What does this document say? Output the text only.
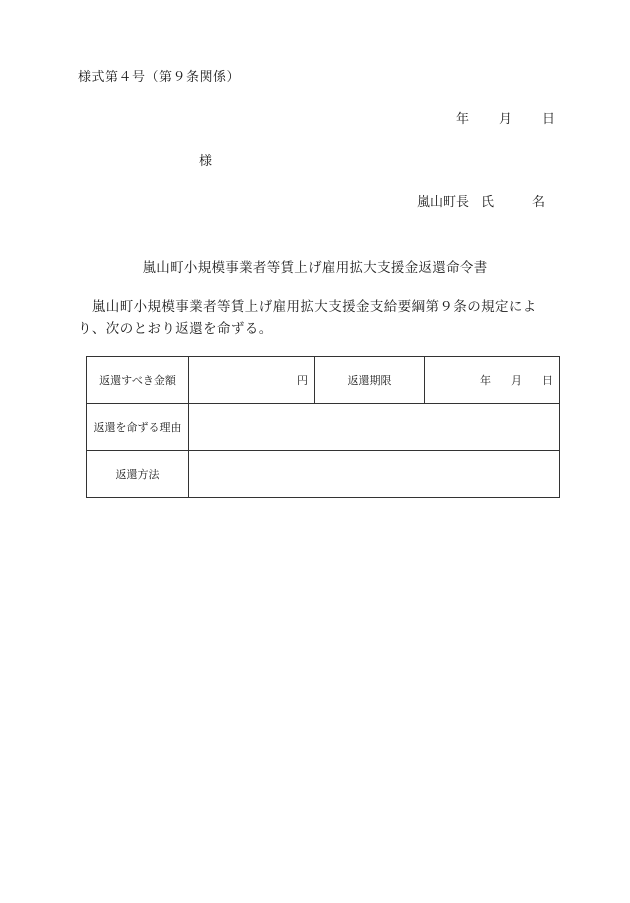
様式第４号（第９条関係）
年 月 日
様
嵐山町長 氏	名
嵐山町小規模事業者等賃上げ雇用拡大支援金返還命令書
　嵐山町小規模事業者等賃上げ雇用拡大支援金支給要綱第９条の規定により、次のとおり返還を命ずる。
返還すべき金額	円	返還期限	年 月 日
返還を命ずる理由			
返還方法			
